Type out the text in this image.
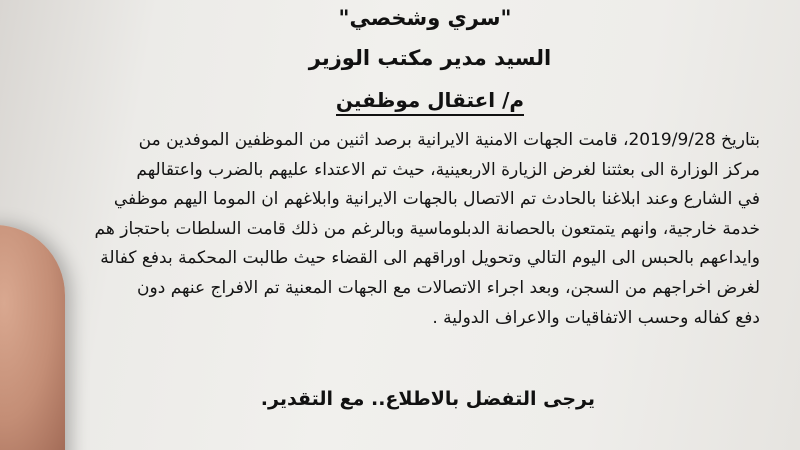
"سري وشخصي"
السيد مدير مكتب الوزير
م/ اعتقال موظفين
بتاريخ 2019/9/28، قامت الجهات الامنية الايرانية برصد اثنين من الموظفين الموفدين من
مركز الوزارة الى بعثتنا لغرض الزيارة الاربعينية، حيث تم الاعتداء عليهم بالضرب واعتقالهم
في الشارع وعند ابلاغنا بالحادث تم الاتصال بالجهات الايرانية وابلاغهم ان الموما اليهم موظفي
خدمة خارجية، وانهم يتمتعون بالحصانة الدبلوماسية وبالرغم من ذلك قامت السلطات باحتجاز هم
وايداعهم بالحبس الى اليوم التالي وتحويل اوراقهم الى القضاء حيث طالبت المحكمة بدفع كفالة
لغرض اخراجهم من السجن، وبعد اجراء الاتصالات مع الجهات المعنية تم الافراج عنهم دون
دفع كفاله وحسب الاتفاقيات والاعراف الدولية .
يرجى التفضل بالاطلاع.. مع التقدير.
